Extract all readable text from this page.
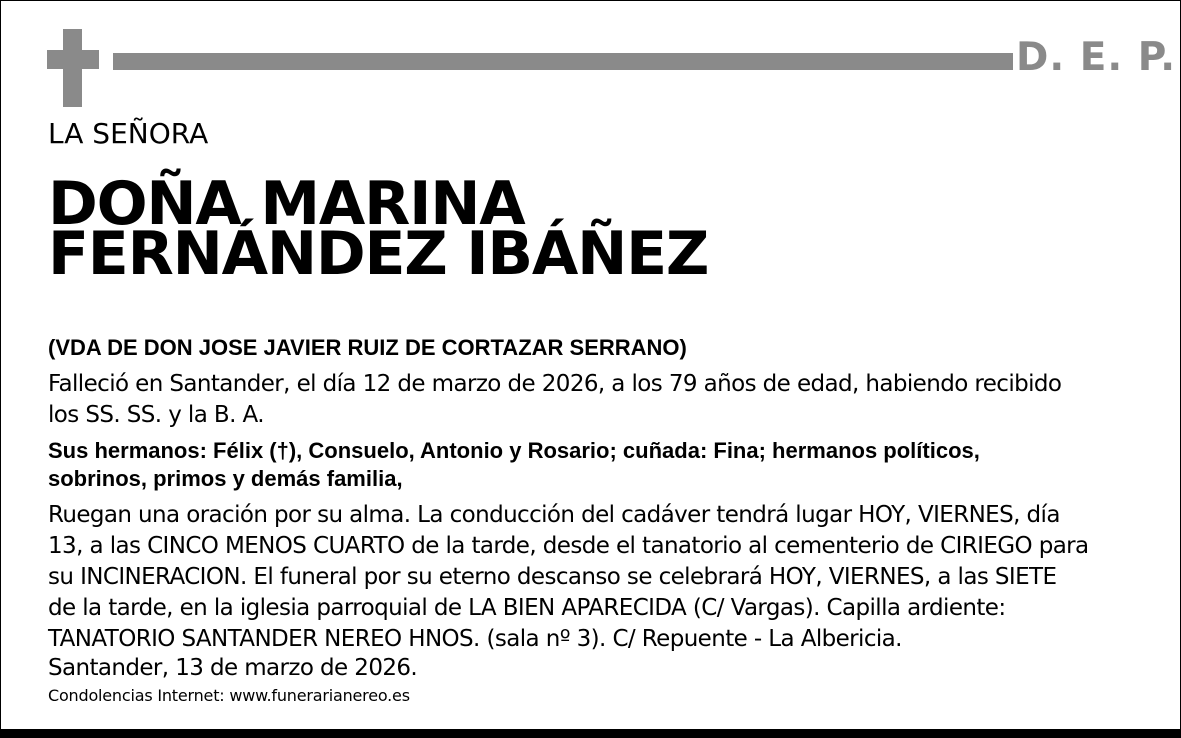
D. E. P.
LA SEÑORA
DOÑA MARINA
FERNÁNDEZ IBÁÑEZ
(VDA DE DON JOSE JAVIER RUIZ DE CORTAZAR SERRANO)

Falleció en Santander, el día 12 de marzo de 2026, a los 79 años de edad, habiendo recibido
los SS. SS. y la B. A.

Sus hermanos: Félix (†), Consuelo, Antonio y Rosario; cuñada: Fina; hermanos políticos,
sobrinos, primos y demás familia,

Ruegan una oración por su alma. La conducción del cadáver tendrá lugar HOY, VIERNES, día
13, a las CINCO MENOS CUARTO de la tarde, desde el tanatorio al cementerio de CIRIEGO para
su INCINERACION. El funeral por su eterno descanso se celebrará HOY, VIERNES, a las SIETE
de la tarde, en la iglesia parroquial de LA BIEN APARECIDA (C/ Vargas). Capilla ardiente:
TANATORIO SANTANDER NEREO HNOS. (sala nº 3). C/ Repuente - La Albericia.

Santander, 13 de marzo de 2026.
Condolencias Internet: www.funerarianereo.es
